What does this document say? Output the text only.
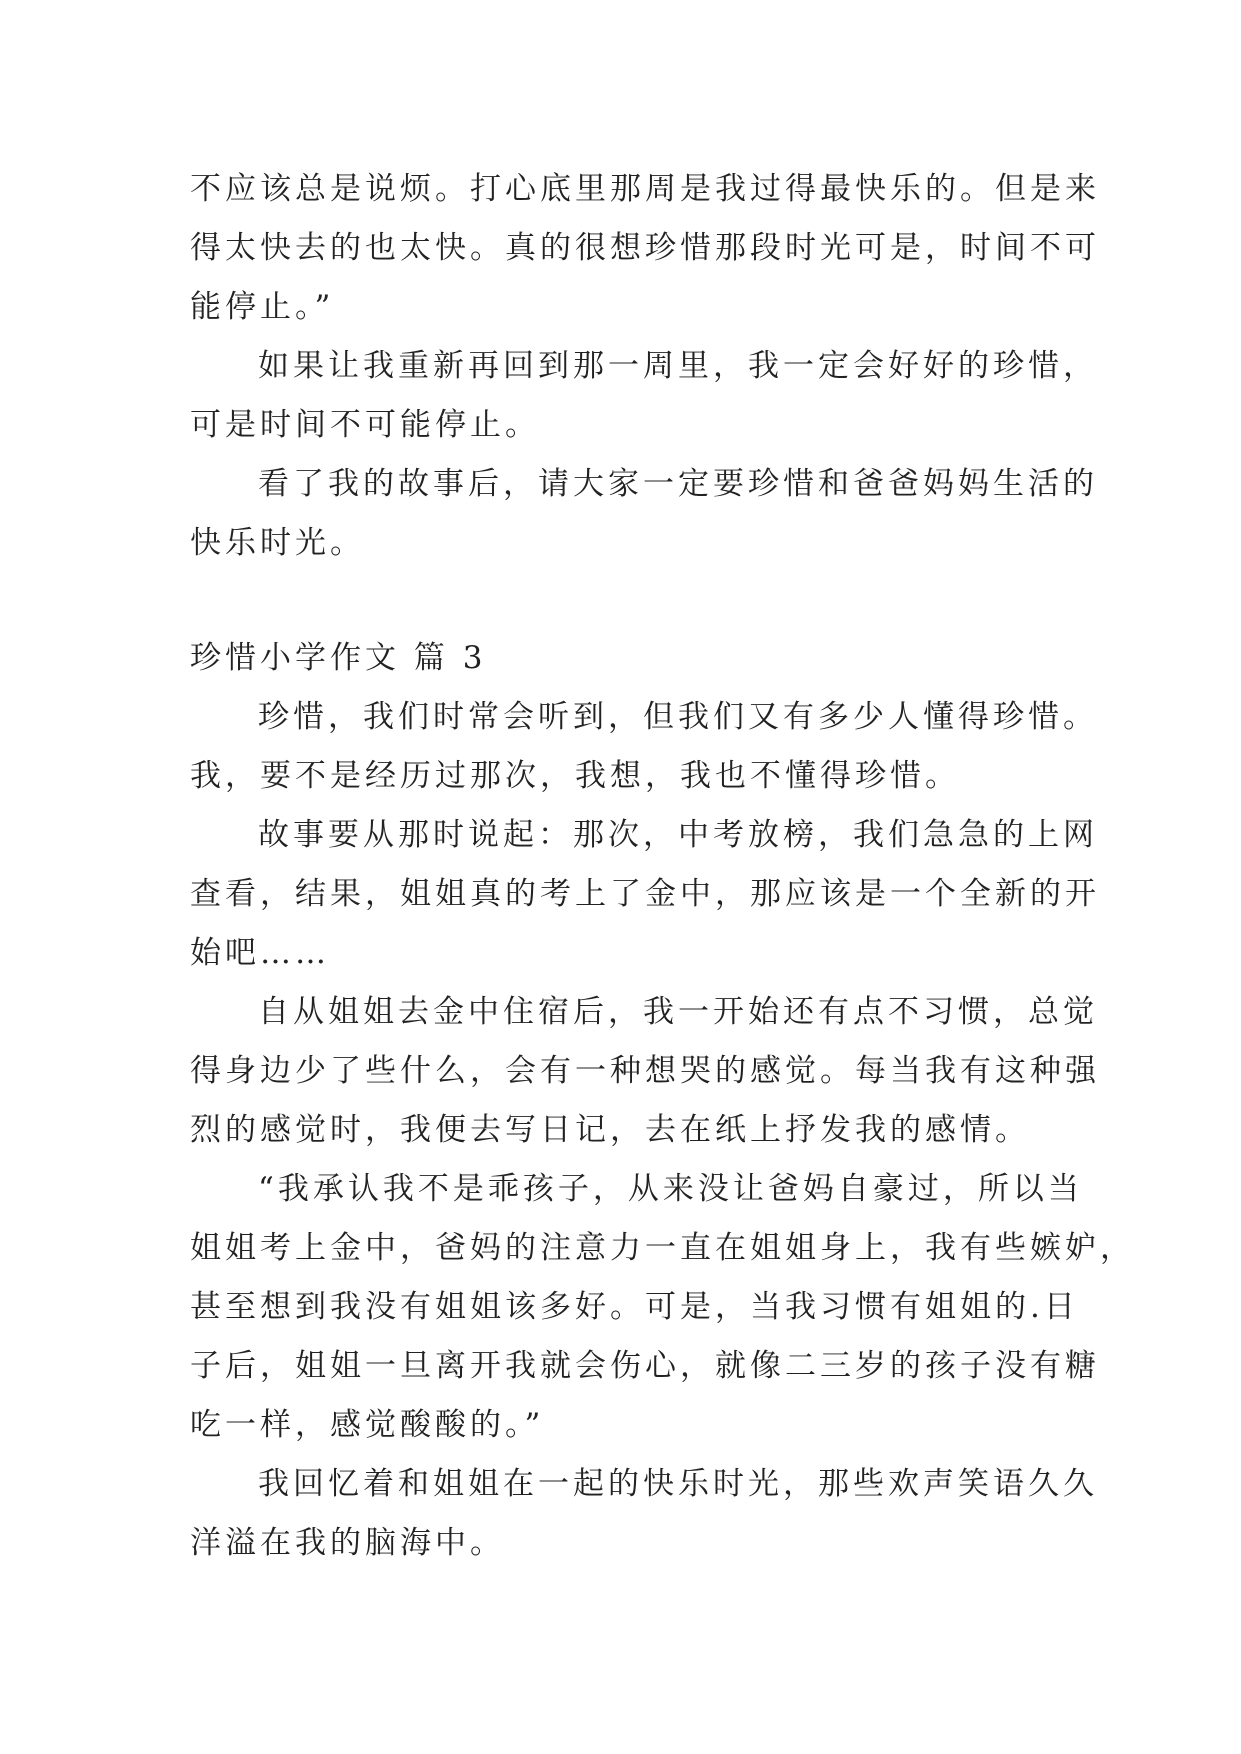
不应该总是说烦。打心底里那周是我过得最快乐的。但是来
得太快去的也太快。真的很想珍惜那段时光可是，时间不可
能停止。”
如果让我重新再回到那一周里，我一定会好好的珍惜，
可是时间不可能停止。
看了我的故事后，请大家一定要珍惜和爸爸妈妈生活的
快乐时光。
珍惜小学作文 篇 3
珍惜，我们时常会听到，但我们又有多少人懂得珍惜。
我，要不是经历过那次，我想，我也不懂得珍惜。
故事要从那时说起：那次，中考放榜，我们急急的上网
查看，结果，姐姐真的考上了金中，那应该是一个全新的开
始吧……
自从姐姐去金中住宿后，我一开始还有点不习惯，总觉
得身边少了些什么，会有一种想哭的感觉。每当我有这种强
烈的感觉时，我便去写日记，去在纸上抒发我的感情。
“我承认我不是乖孩子，从来没让爸妈自豪过，所以当
姐姐考上金中，爸妈的注意力一直在姐姐身上，我有些嫉妒，
甚至想到我没有姐姐该多好。可是，当我习惯有姐姐的.日
子后，姐姐一旦离开我就会伤心，就像二三岁的孩子没有糖
吃一样，感觉酸酸的。”
我回忆着和姐姐在一起的快乐时光，那些欢声笑语久久
洋溢在我的脑海中。
